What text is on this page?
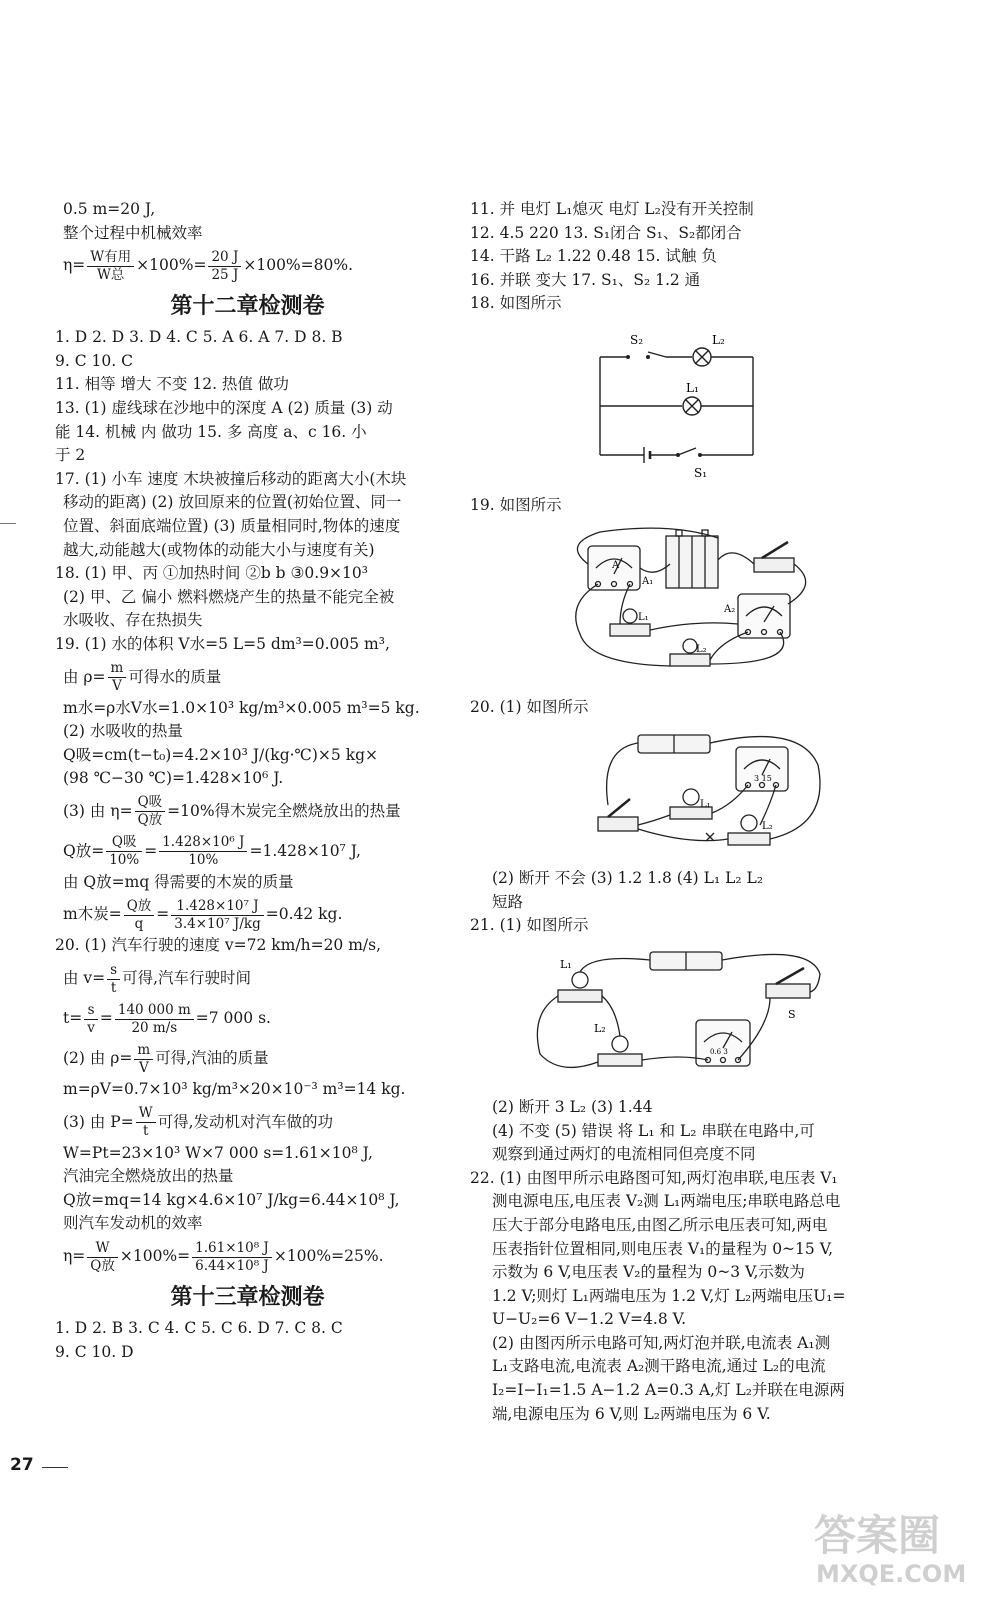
0.5 m=20 J,
整个过程中机械效率
$\eta= \frac{\text{W有用}}{\text{W总}} \times 100\%= \frac{20 J}{25 J} \times 100\%=80\%$.
第十二章检测卷
1. D 2. D 3. D 4. C 5. A 6. A 7. D 8. B
9. C 10. C
11. 相等 增大 不变 12. 热值 做功
13. (1) 虚线球在沙地中的深度 A (2) 质量 (3) 动
能 14. 机械 内 做功 15. 多 高度 a、c 16. 小
于 2
17. (1) 小车 速度 木块被撞后移动的距离大小(木块
移动的距离) (2) 放回原来的位置(初始位置、同一
位置、斜面底端位置) (3) 质量相同时,物体的速度
越大,动能越大(或物体的动能大小与速度有关)
18. (1) 甲、丙 ①加热时间 ②b b ③0.9×10³
(2) 甲、乙 偏小 燃料燃烧产生的热量不能完全被
水吸收、存在热损失
19. (1) 水的体积 V水=5 L=5 dm³=0.005 m³,
由 $\rho= \frac{m}{V}$ 可得水的质量
m水=ρ水V水=1.0×10³ kg/m³×0.005 m³=5 kg.
(2) 水吸收的热量
Q吸=cm(t−t₀)=4.2×10³ J/(kg·℃)×5 kg×
(98 ℃−30 ℃)=1.428×10⁶ J.
(3) 由 $\eta= \frac{\text{Q吸}}{\text{Q放}} =10\%$得木炭完全燃烧放出的热量
Q放= $\frac{\text{Q吸}}{10\%} = \frac{\text{1.428×10⁶ J}}{10\%} =1.428\times 10^7$ J,
由 Q放=mq 得需要的木炭的质量
m木炭= $\frac{\text{Q放}}{q} = \frac{\text{1.428×10⁷ J}}{\text{3.4×10⁷ J/kg}} =0.42$ kg.
20. (1) 汽车行驶的速度 v=72 km/h=20 m/s,
由 $v= \frac{s}{t}$ 可得,汽车行驶时间
$t= \frac{s}{v} = \frac{140 000 m}{20 m/s} =7$ 000 s.
(2) 由 $\rho= \frac{m}{V}$ 可得,汽油的质量
m=ρV=0.7×10³ kg/m³×20×10⁻³ m³=14 kg.
(3) 由 $P= \frac{W}{t}$ 可得,发动机对汽车做的功
W=Pt=23×10³ W×7 000 s=1.61×10⁸ J,
汽油完全燃烧放出的热量
Q放=mq=14 kg×4.6×10⁷ J/kg=6.44×10⁸ J,
则汽车发动机的效率
$\eta= \frac{W}{\text{Q放}} \times 100\%= \frac{\text{1.61×10⁸ J}}{\text{6.44×10⁸ J}} \times 100\%=25\%$.
第十三章检测卷
1. D 2. B 3. C 4. C 5. C 6. D 7. C 8. C
9. C 10. D
11. 并 电灯 L₁熄灭 电灯 L₂没有开关控制
12. 4.5 220 13. S₁闭合 S₁、S₂都闭合
14. 干路 L₂ 1.22 0.48 15. 试触 负
16. 并联 变大 17. S₁、S₂ 1.2 通
18. 如图所示
S₂	L₂
L₁
S₁
19. 如图所示
A₁
A₂
A
L₁
L₂
20. (1) 如图所示
3 15
L₁
L₂
(2) 断开 不会 (3) 1.2 1.8 (4) L₁ L₂ L₂
短路
21. (1) 如图所示
L₁
L₂
S
0.6 3
(2) 断开 3 L₂ (3) 1.44
(4) 不变 (5) 错误 将 L₁ 和 L₂ 串联在电路中,可
观察到通过两灯的电流相同但亮度不同
22. (1) 由图甲所示电路图可知,两灯泡串联,电压表 V₁
测电源电压,电压表 V₂测 L₁两端电压;串联电路总电
压大于部分电路电压,由图乙所示电压表可知,两电
压表指针位置相同,则电压表 V₁的量程为 0~15 V,
示数为 6 V,电压表 V₂的量程为 0~3 V,示数为
1.2 V;则灯 L₁两端电压为 1.2 V,灯 L₂两端电压U₁=
U−U₂=6 V−1.2 V=4.8 V.
(2) 由图丙所示电路可知,两灯泡并联,电流表 A₁测
L₁支路电流,电流表 A₂测干路电流,通过 L₂的电流
I₂=I−I₁=1.5 A−1.2 A=0.3 A,灯 L₂并联在电源两
端,电源电压为 6 V,则 L₂两端电压为 6 V.
27
答案圈
MXQE.COM
